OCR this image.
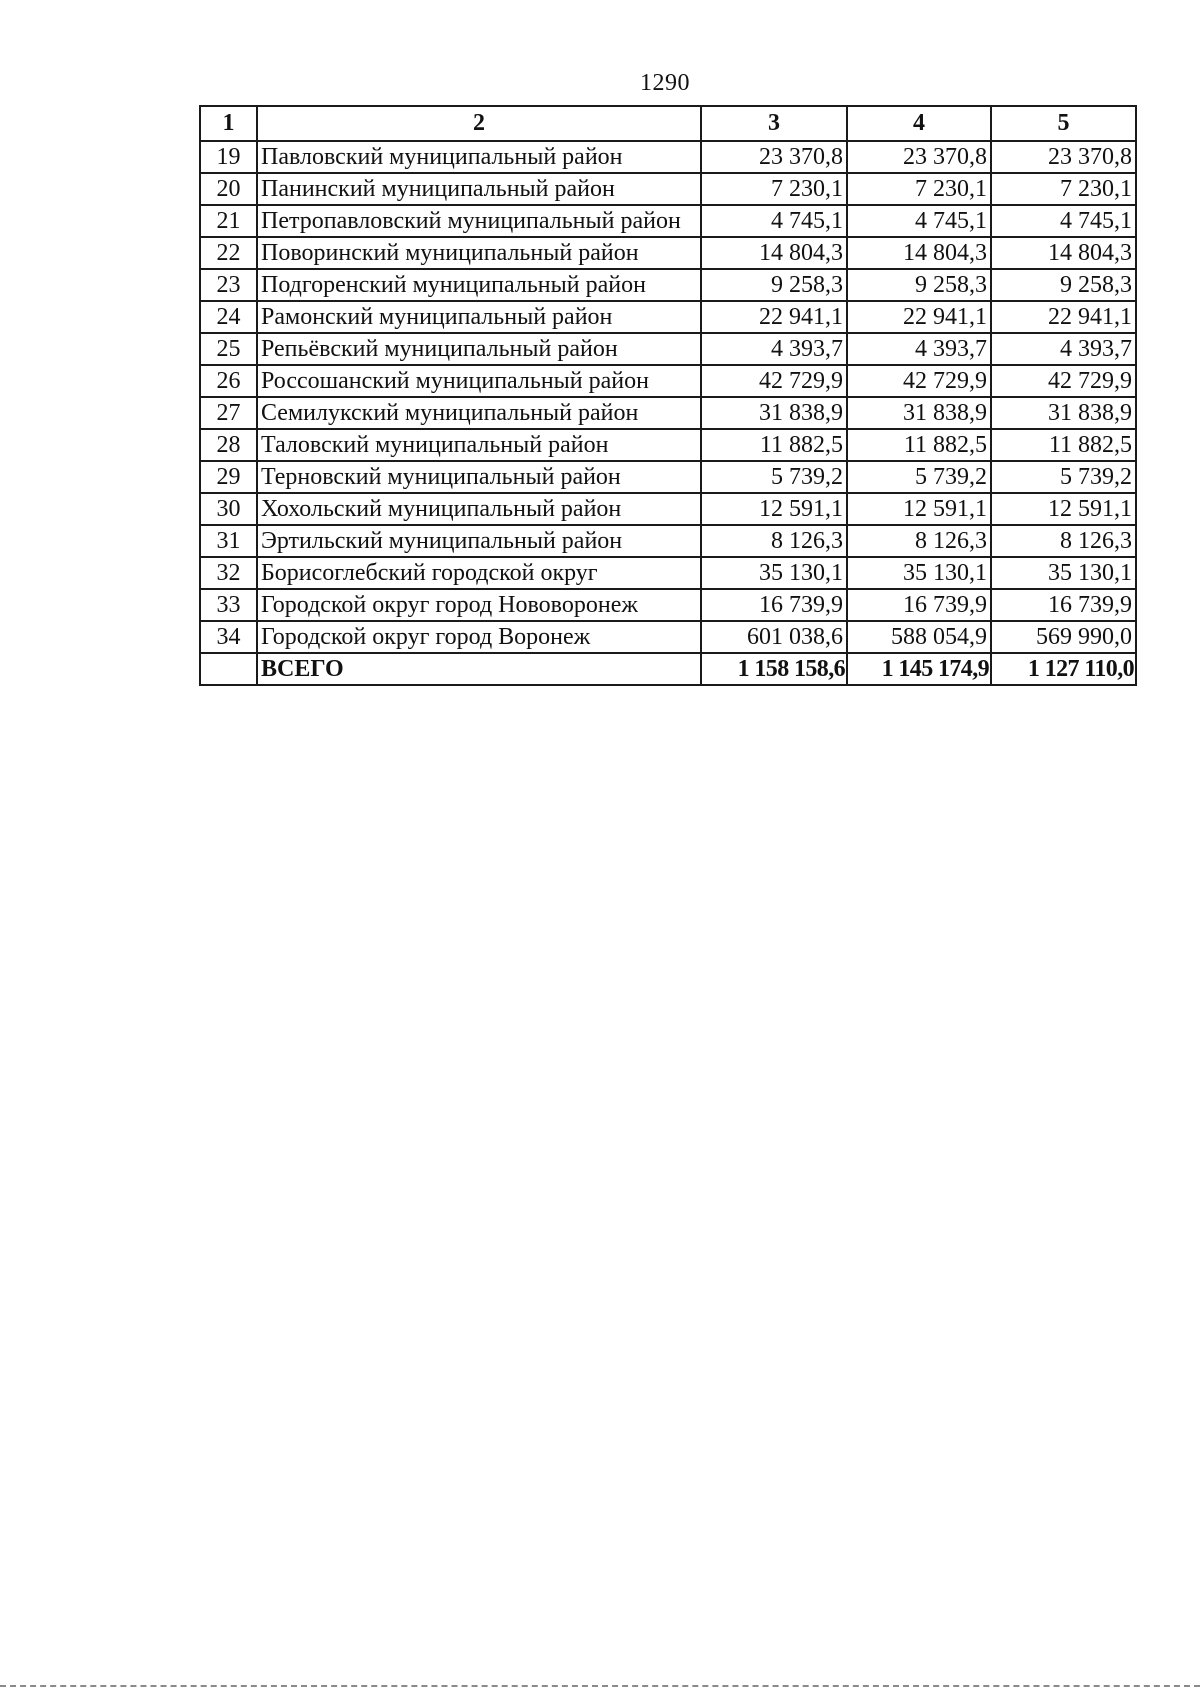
1290
1	2	3	4	5
19	Павловский муниципальный район	23 370,8	23 370,8	23 370,8
20	Панинский муниципальный район	7 230,1	7 230,1	7 230,1
21	Петропавловский муниципальный район	4 745,1	4 745,1	4 745,1
22	Поворинский муниципальный район	14 804,3	14 804,3	14 804,3
23	Подгоренский муниципальный район	9 258,3	9 258,3	9 258,3
24	Рамонский муниципальный район	22 941,1	22 941,1	22 941,1
25	Репьёвский муниципальный район	4 393,7	4 393,7	4 393,7
26	Россошанский муниципальный район	42 729,9	42 729,9	42 729,9
27	Семилукский муниципальный район	31 838,9	31 838,9	31 838,9
28	Таловский муниципальный район	11 882,5	11 882,5	11 882,5
29	Терновский муниципальный район	5 739,2	5 739,2	5 739,2
30	Хохольский муниципальный район	12 591,1	12 591,1	12 591,1
31	Эртильский муниципальный район	8 126,3	8 126,3	8 126,3
32	Борисоглебский городской округ	35 130,1	35 130,1	35 130,1
33	Городской округ город Нововоронеж	16 739,9	16 739,9	16 739,9
34	Городской округ город Воронеж	601 038,6	588 054,9	569 990,0
	ВСЕГО	1 158 158,6	1 145 174,9	1 127 110,0
